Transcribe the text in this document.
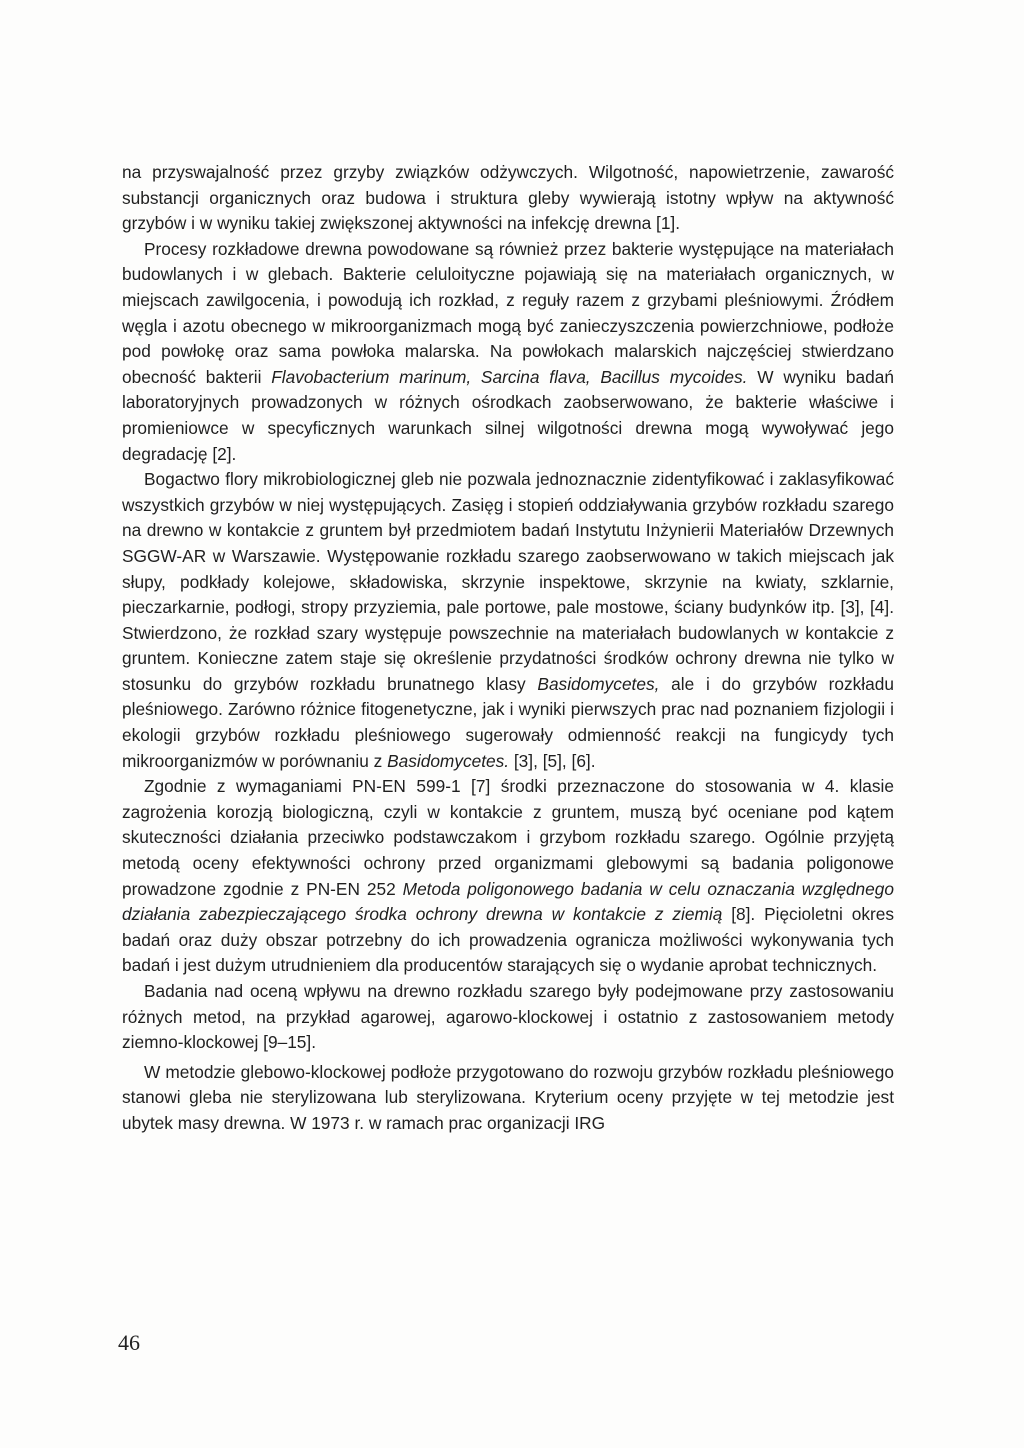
na przyswajalność przez grzyby związków odżywczych. Wilgotność, napowietrzenie, zawarość substancji organicznych oraz budowa i struktura gleby wywierają istotny wpływ na aktywność grzybów i w wyniku takiej zwiększonej aktywności na infekcję drewna [1].

Procesy rozkładowe drewna powodowane są również przez bakterie występujące na materiałach budowlanych i w glebach. Bakterie celuloityczne pojawiają się na materiałach organicznych, w miejscach zawilgocenia, i powodują ich rozkład, z reguły razem z grzybami pleśniowymi. Źródłem węgla i azotu obecnego w mikroorganizmach mogą być zanieczyszczenia powierzchniowe, podłoże pod powłokę oraz sama powłoka malarska. Na powłokach malarskich najczęściej stwierdzano obecność bakterii Flavobacterium marinum, Sarcina flava, Bacillus mycoides. W wyniku badań laboratoryjnych prowadzonych w różnych ośrodkach zaobserwowano, że bakterie właściwe i promieniowce w specyficznych warunkach silnej wilgotności drewna mogą wywoływać jego degradację [2].

Bogactwo flory mikrobiologicznej gleb nie pozwala jednoznacznie zidentyfikować i zaklasyfikować wszystkich grzybów w niej występujących. Zasięg i stopień oddziaływania grzybów rozkładu szarego na drewno w kontakcie z gruntem był przedmiotem badań Instytutu Inżynierii Materiałów Drzewnych SGGW-AR w Warszawie. Występowanie rozkładu szarego zaobserwowano w takich miejscach jak słupy, podkłady kolejowe, składowiska, skrzynie inspektowe, skrzynie na kwiaty, szklarnie, pieczarkarnie, podłogi, stropy przyziemia, pale portowe, pale mostowe, ściany budynków itp. [3], [4]. Stwierdzono, że rozkład szary występuje powszechnie na materiałach budowlanych w kontakcie z gruntem. Konieczne zatem staje się określenie przydatności środków ochrony drewna nie tylko w stosunku do grzybów rozkładu brunatnego klasy Basidomycetes, ale i do grzybów rozkładu pleśniowego. Zarówno różnice fitogenetyczne, jak i wyniki pierwszych prac nad poznaniem fizjologii i ekologii grzybów rozkładu pleśniowego sugerowały odmienność reakcji na fungicydy tych mikroorganizmów w porównaniu z Basidomycetes. [3], [5], [6].

Zgodnie z wymaganiami PN-EN 599-1 [7] środki przeznaczone do stosowania w 4. klasie zagrożenia korozją biologiczną, czyli w kontakcie z gruntem, muszą być oceniane pod kątem skuteczności działania przeciwko podstawczakom i grzybom rozkładu szarego. Ogólnie przyjętą metodą oceny efektywności ochrony przed organizmami glebowymi są badania poligonowe prowadzone zgodnie z PN-EN 252 Metoda poligonowego badania w celu oznaczania względnego działania zabezpieczającego środka ochrony drewna w kontakcie z ziemią [8]. Pięcioletni okres badań oraz duży obszar potrzebny do ich prowadzenia ogranicza możliwości wykonywania tych badań i jest dużym utrudnieniem dla producentów starających się o wydanie aprobat technicznych.

Badania nad oceną wpływu na drewno rozkładu szarego były podejmowane przy zastosowaniu różnych metod, na przykład agarowej, agarowo-klockowej i ostatnio z zastosowaniem metody ziemno-klockowej [9–15].

W metodzie glebowo-klockowej podłoże przygotowano do rozwoju grzybów rozkładu pleśniowego stanowi gleba nie sterylizowana lub sterylizowana. Kryterium oceny przyjęte w tej metodzie jest ubytek masy drewna. W 1973 r. w ramach prac organizacji IRG

46
